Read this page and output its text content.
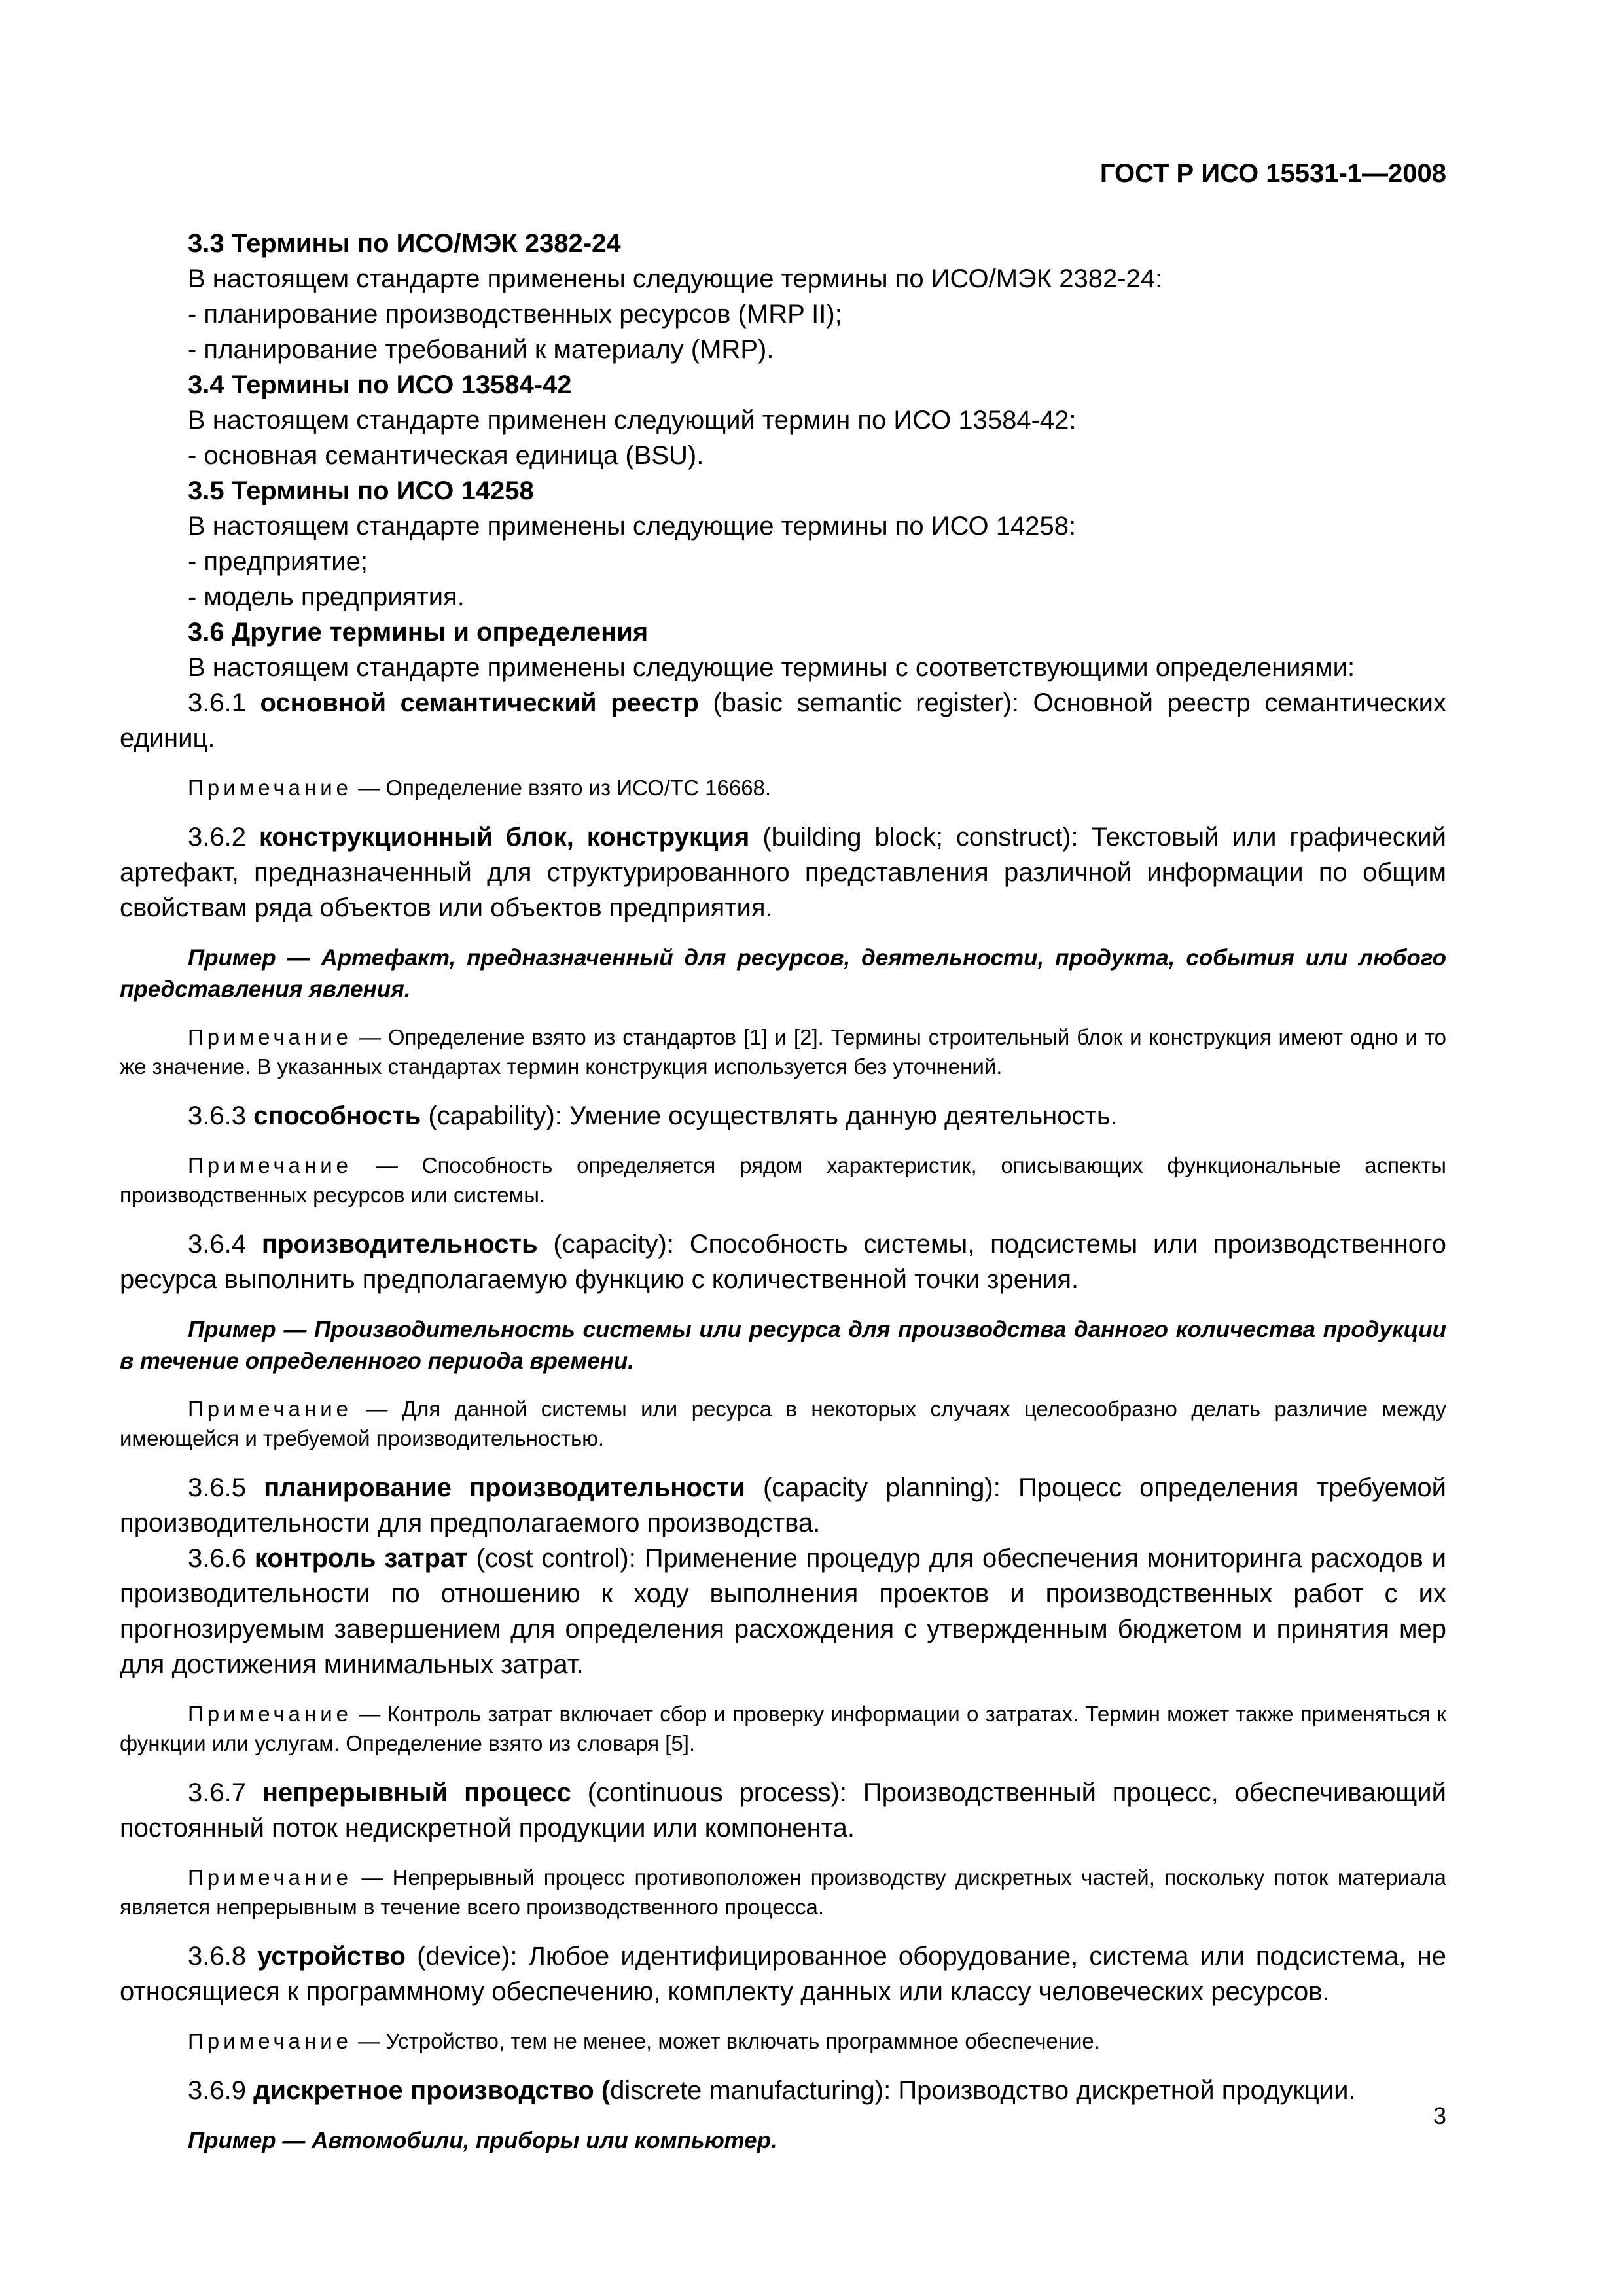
ГОСТ Р ИСО 15531-1—2008

3.3 Термины по ИСО/МЭК 2382-24

В настоящем стандарте применены следующие термины по ИСО/МЭК 2382-24:

- планирование производственных ресурсов (MRP II);

- планирование требований к материалу (MRP).

3.4 Термины по ИСО 13584-42

В настоящем стандарте применен следующий термин по ИСО 13584-42:

- основная семантическая единица (BSU).

3.5 Термины по ИСО 14258

В настоящем стандарте применены следующие термины по ИСО 14258:

- предприятие;

- модель предприятия.

3.6 Другие термины и определения

В настоящем стандарте применены следующие термины с соответствующими определениями:

3.6.1 основной семантический реестр (basic semantic register): Основной реестр семантических единиц.

Примечание — Определение взято из ИСО/ТС 16668.

3.6.2 конструкционный блок, конструкция (building block; construct): Текстовый или графический артефакт, предназначенный для структурированного представления различной информации по общим свойствам ряда объектов или объектов предприятия.

Пример — Артефакт, предназначенный для ресурсов, деятельности, продукта, события или любого представления явления.

Примечание — Определение взято из стандартов [1] и [2]. Термины строительный блок и конструкция имеют одно и то же значение. В указанных стандартах термин конструкция используется без уточнений.

3.6.3 способность (capability): Умение осуществлять данную деятельность.

Примечание — Способность определяется рядом характеристик, описывающих функциональные аспекты производственных ресурсов или системы.

3.6.4 производительность (capacity): Способность системы, подсистемы или производственного ресурса выполнить предполагаемую функцию с количественной точки зрения.

Пример — Производительность системы или ресурса для производства данного количества продукции в течение определенного периода времени.

Примечание — Для данной системы или ресурса в некоторых случаях целесообразно делать различие между имеющейся и требуемой производительностью.

3.6.5 планирование производительности (capacity planning): Процесс определения требуемой производительности для предполагаемого производства.

3.6.6 контроль затрат (cost control): Применение процедур для обеспечения мониторинга расходов и производительности по отношению к ходу выполнения проектов и производственных работ с их прогнозируемым завершением для определения расхождения с утвержденным бюджетом и принятия мер для достижения минимальных затрат.

Примечание — Контроль затрат включает сбор и проверку информации о затратах. Термин может также применяться к функции или услугам. Определение взято из словаря [5].

3.6.7 непрерывный процесс (continuous process): Производственный процесс, обеспечивающий постоянный поток недискретной продукции или компонента.

Примечание — Непрерывный процесс противоположен производству дискретных частей, поскольку поток материала является непрерывным в течение всего производственного процесса.

3.6.8 устройство (device): Любое идентифицированное оборудование, система или подсистема, не относящиеся к программному обеспечению, комплекту данных или классу человеческих ресурсов.

Примечание — Устройство, тем не менее, может включать программное обеспечение.

3.6.9 дискретное производство (discrete manufacturing): Производство дискретной продукции.

Пример — Автомобили, приборы или компьютер.

3
